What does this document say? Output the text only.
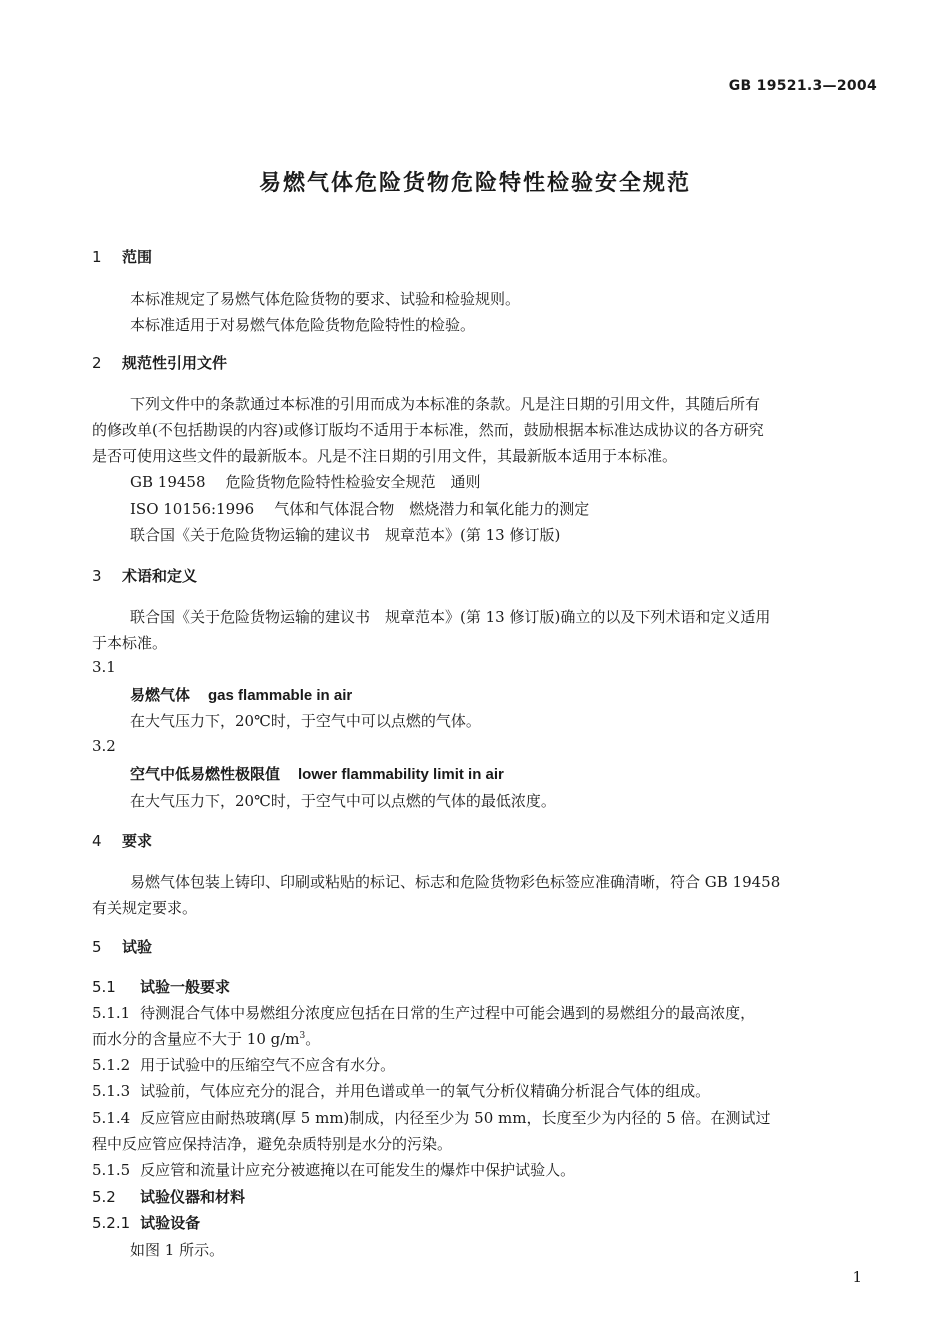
GB 19521.3—2004
易燃气体危险货物危险特性检验安全规范
1 范围
本标准规定了易燃气体危险货物的要求、试验和检验规则。
本标准适用于对易燃气体危险货物危险特性的检验。
2 规范性引用文件
下列文件中的条款通过本标准的引用而成为本标准的条款。凡是注日期的引用文件，其随后所有
的修改单(不包括勘误的内容)或修订版均不适用于本标准，然而，鼓励根据本标准达成协议的各方研究
是否可使用这些文件的最新版本。凡是不注日期的引用文件，其最新版本适用于本标准。
GB 19458 危险货物危险特性检验安全规范　通则
ISO 10156:1996 气体和气体混合物　燃烧潜力和氧化能力的测定
联合国《关于危险货物运输的建议书　规章范本》(第 13 修订版)
3 术语和定义
联合国《关于危险货物运输的建议书　规章范本》(第 13 修订版)确立的以及下列术语和定义适用
于本标准。
3.1
易燃气体 gas flammable in air
在大气压力下，20℃时，于空气中可以点燃的气体。
3.2
空气中低易燃性极限值 lower flammability limit in air
在大气压力下，20℃时，于空气中可以点燃的气体的最低浓度。
4 要求
易燃气体包装上铸印、印刷或粘贴的标记、标志和危险货物彩色标签应准确清晰，符合 GB 19458
有关规定要求。
5 试验
5.1 试验一般要求
5.1.1 待测混合气体中易燃组分浓度应包括在日常的生产过程中可能会遇到的易燃组分的最高浓度，
而水分的含量应不大于 10 $g/m^3$。
5.1.2 用于试验中的压缩空气不应含有水分。
5.1.3 试验前，气体应充分的混合，并用色谱或单一的氧气分析仪精确分析混合气体的组成。
5.1.4 反应管应由耐热玻璃(厚 5 mm)制成，内径至少为 50 mm，长度至少为内径的 5 倍。在测试过
程中反应管应保持洁净，避免杂质特别是水分的污染。
5.1.5 反应管和流量计应充分被遮掩以在可能发生的爆炸中保护试验人。
5.2 试验仪器和材料
5.2.1 试验设备
如图 1 所示。
1
